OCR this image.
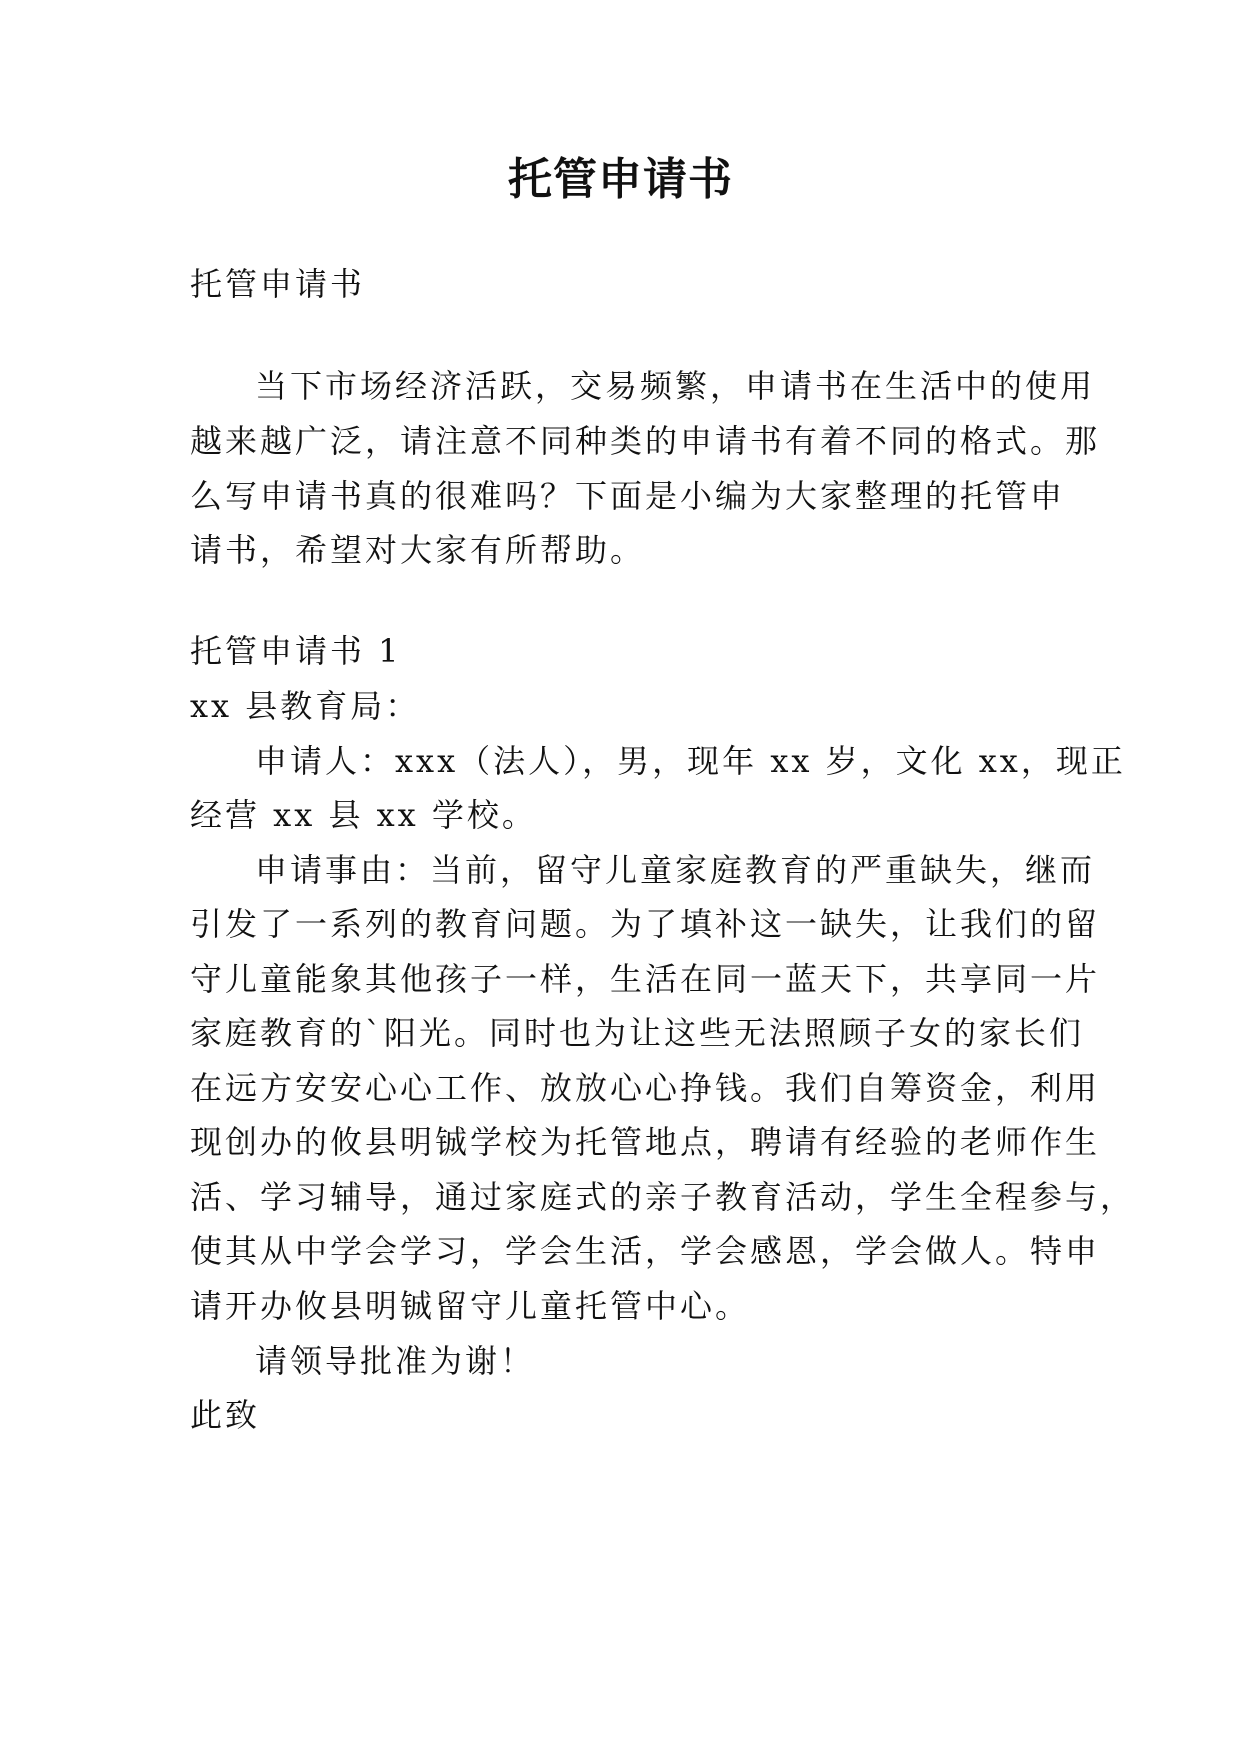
托管申请书
托管申请书
当下市场经济活跃，交易频繁，申请书在生活中的使用
越来越广泛，请注意不同种类的申请书有着不同的格式。那
么写申请书真的很难吗？下面是小编为大家整理的托管申
请书，希望对大家有所帮助。
托管申请书 1
xx 县教育局：
申请人：xxx（法人），男，现年 xx 岁，文化 xx，现正
经营 xx 县 xx 学校。
申请事由：当前，留守儿童家庭教育的严重缺失，继而
引发了一系列的教育问题。为了填补这一缺失，让我们的留
守儿童能象其他孩子一样，生活在同一蓝天下，共享同一片
家庭教育的`阳光。同时也为让这些无法照顾子女的家长们
在远方安安心心工作、放放心心挣钱。我们自筹资金，利用
现创办的攸县明铖学校为托管地点，聘请有经验的老师作生
活、学习辅导，通过家庭式的亲子教育活动，学生全程参与，
使其从中学会学习，学会生活，学会感恩，学会做人。特申
请开办攸县明铖留守儿童托管中心。
请领导批准为谢！
此致
